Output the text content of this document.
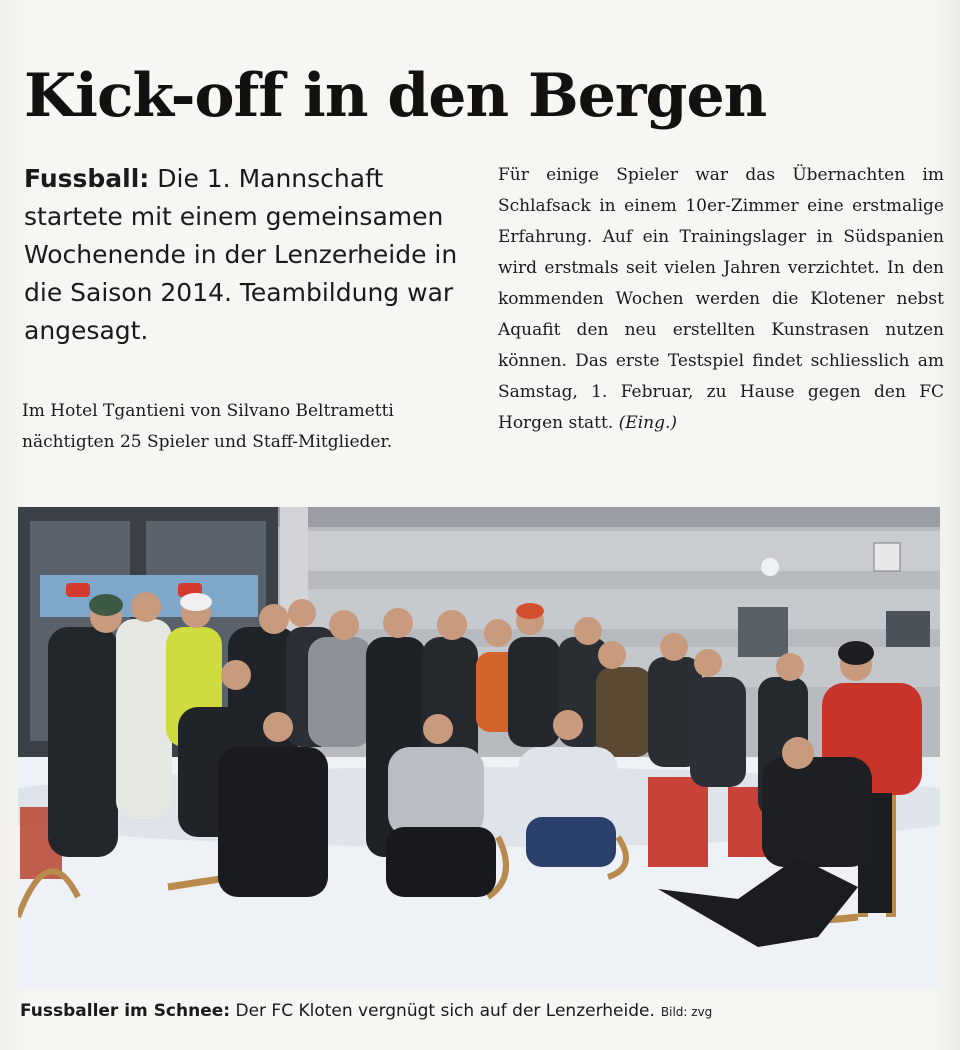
Kick-off in den Bergen
Fussball: Die 1. Mannschaft startete mit einem gemeinsamen Wochenende in der Lenzerheide in die Saison 2014. Teambildung war angesagt.
Im Hotel Tgantieni von Silvano Beltrametti nächtigten 25 Spieler und Staff-Mitglieder.
Für einige Spieler war das Übernachten im Schlafsack in einem 10er-Zimmer eine erstmalige Erfahrung. Auf ein Trainingslager in Südspanien wird erstmals seit vielen Jahren verzichtet. In den kommenden Wochen werden die Klotener nebst Aquafit den neu erstellten Kunstrasen nutzen können. Das erste Testspiel findet schliesslich am Samstag, 1. Februar, zu Hause gegen den FC Horgen statt. (Eing.)
Fussballer im Schnee: Der FC Kloten vergnügt sich auf der Lenzerheide. Bild: zvg
